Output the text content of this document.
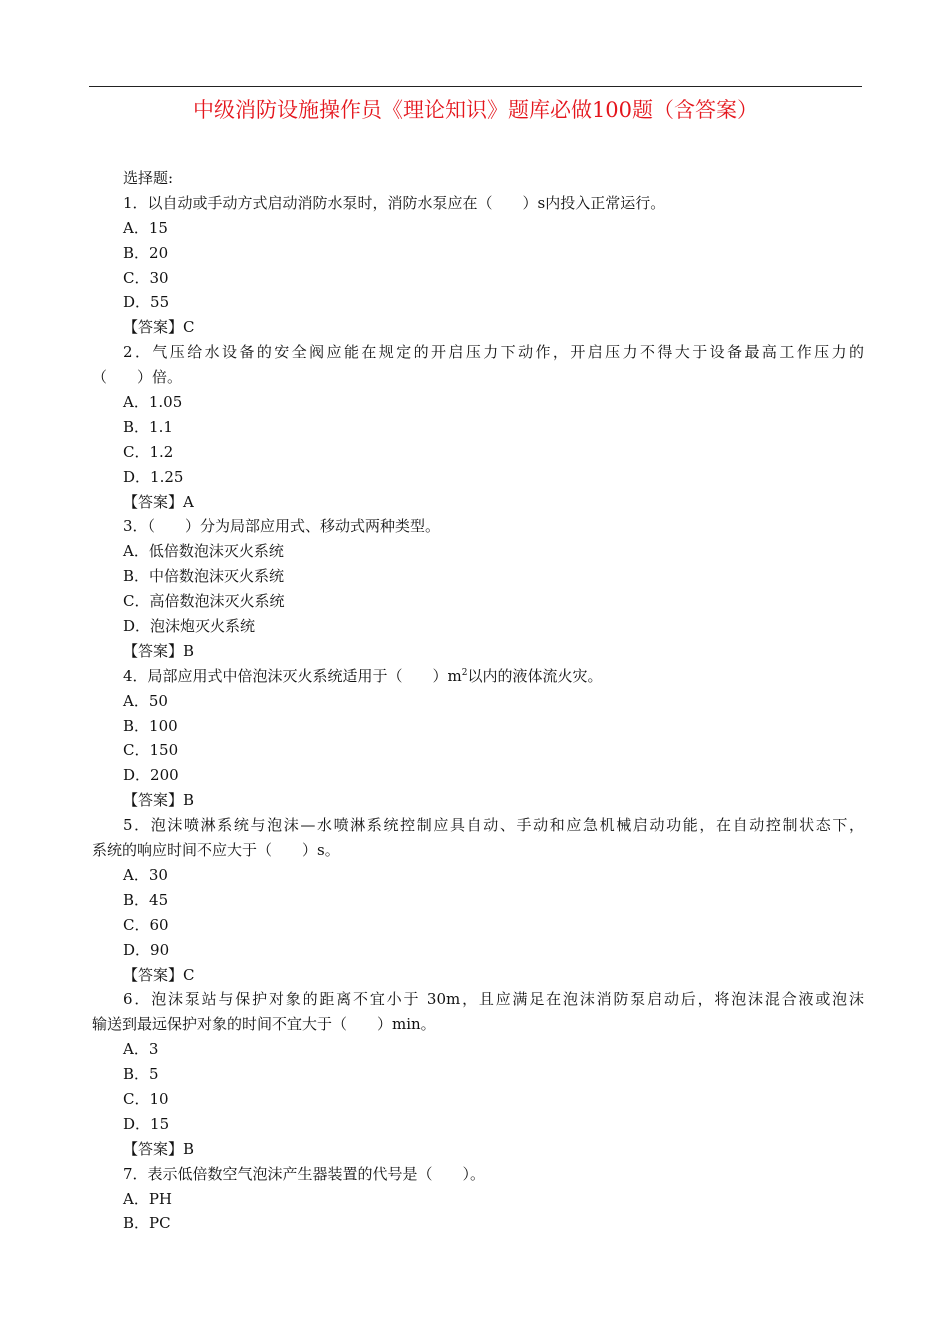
中级消防设施操作员《理论知识》题库必做100题（含答案）
选择题:
1．以自动或手动方式启动消防水泵时，消防水泵应在（　　）s内投入正常运行。
A．15
B．20
C．30
D．55
【答案】C
2．气压给水设备的安全阀应能在规定的开启压力下动作，开启压力不得大于设备最高工作压力的
（　　）倍。
A．1.05
B．1.1
C．1.2
D．1.25
【答案】A
3．（　　）分为局部应用式、移动式两种类型。
A．低倍数泡沫灭火系统
B．中倍数泡沫灭火系统
C．高倍数泡沫灭火系统
D．泡沫炮灭火系统
【答案】B
4．局部应用式中倍泡沫灭火系统适用于（　　）$m^2$以内的液体流火灾。
A．50
B．100
C．150
D．200
【答案】B
5．泡沫喷淋系统与泡沫—水喷淋系统控制应具自动、手动和应急机械启动功能，在自动控制状态下，
系统的响应时间不应大于（　　）s。
A．30
B．45
C．60
D．90
【答案】C
6．泡沫泵站与保护对象的距离不宜小于 30m，且应满足在泡沫消防泵启动后，将泡沫混合液或泡沫
输送到最远保护对象的时间不宜大于（　　）min。
A．3
B．5
C．10
D．15
【答案】B
7．表示低倍数空气泡沫产生器装置的代号是（　　）。
A．PH
B．PC
